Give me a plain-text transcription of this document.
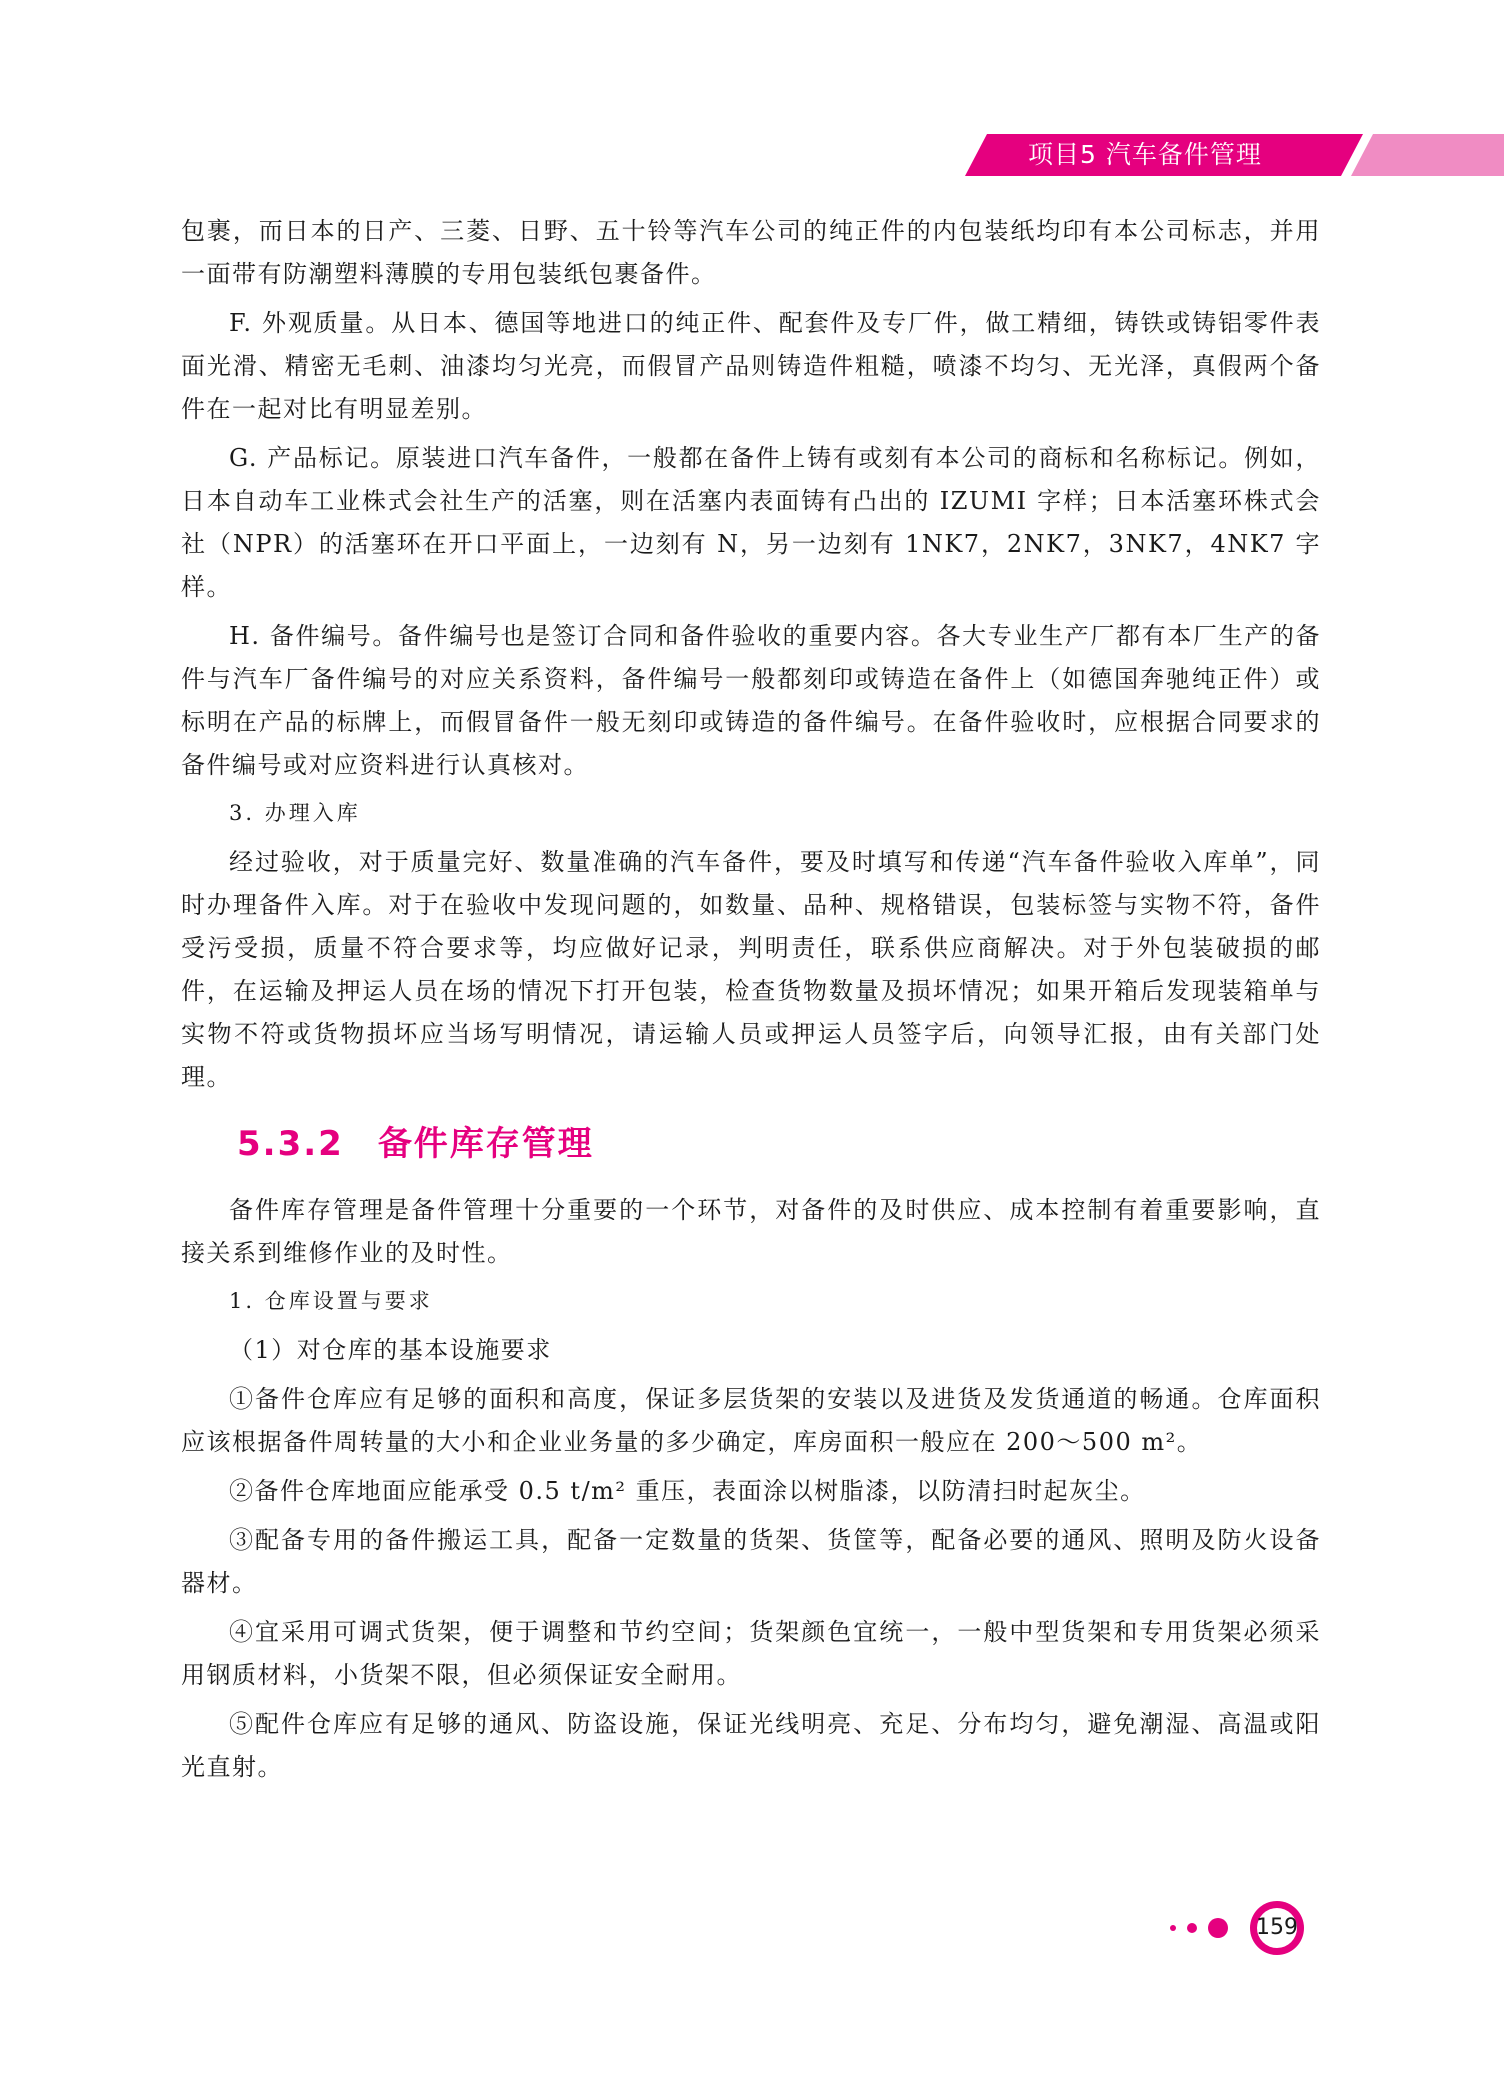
项目5 汽车备件管理

包裹，而日本的日产、三菱、日野、五十铃等汽车公司的纯正件的内包装纸均印有本公司标志，并用一面带有防潮塑料薄膜的专用包装纸包裹备件。

F. 外观质量。从日本、德国等地进口的纯正件、配套件及专厂件，做工精细，铸铁或铸铝零件表面光滑、精密无毛刺、油漆均匀光亮，而假冒产品则铸造件粗糙，喷漆不均匀、无光泽，真假两个备件在一起对比有明显差别。

G. 产品标记。原装进口汽车备件，一般都在备件上铸有或刻有本公司的商标和名称标记。例如，日本自动车工业株式会社生产的活塞，则在活塞内表面铸有凸出的 IZUMI 字样；日本活塞环株式会社（NPR）的活塞环在开口平面上，一边刻有 N，另一边刻有 1NK7，2NK7，3NK7，4NK7 字样。

H. 备件编号。备件编号也是签订合同和备件验收的重要内容。各大专业生产厂都有本厂生产的备件与汽车厂备件编号的对应关系资料，备件编号一般都刻印或铸造在备件上（如德国奔驰纯正件）或标明在产品的标牌上，而假冒备件一般无刻印或铸造的备件编号。在备件验收时，应根据合同要求的备件编号或对应资料进行认真核对。

3. 办理入库

经过验收，对于质量完好、数量准确的汽车备件，要及时填写和传递“汽车备件验收入库单”，同时办理备件入库。对于在验收中发现问题的，如数量、品种、规格错误，包装标签与实物不符，备件受污受损，质量不符合要求等，均应做好记录，判明责任，联系供应商解决。对于外包装破损的邮件，在运输及押运人员在场的情况下打开包装，检查货物数量及损坏情况；如果开箱后发现装箱单与实物不符或货物损坏应当场写明情况，请运输人员或押运人员签字后，向领导汇报，由有关部门处理。

5.3.2 备件库存管理

备件库存管理是备件管理十分重要的一个环节，对备件的及时供应、成本控制有着重要影响，直接关系到维修作业的及时性。

1. 仓库设置与要求
（1）对仓库的基本设施要求

①备件仓库应有足够的面积和高度，保证多层货架的安装以及进货及发货通道的畅通。仓库面积应该根据备件周转量的大小和企业业务量的多少确定，库房面积一般应在 200～500 m²。

②备件仓库地面应能承受 0.5 t/m² 重压，表面涂以树脂漆，以防清扫时起灰尘。

③配备专用的备件搬运工具，配备一定数量的货架、货筐等，配备必要的通风、照明及防火设备器材。

④宜采用可调式货架，便于调整和节约空间；货架颜色宜统一，一般中型货架和专用货架必须采用钢质材料，小货架不限，但必须保证安全耐用。

⑤配件仓库应有足够的通风、防盗设施，保证光线明亮、充足、分布均匀，避免潮湿、高温或阳光直射。

159
